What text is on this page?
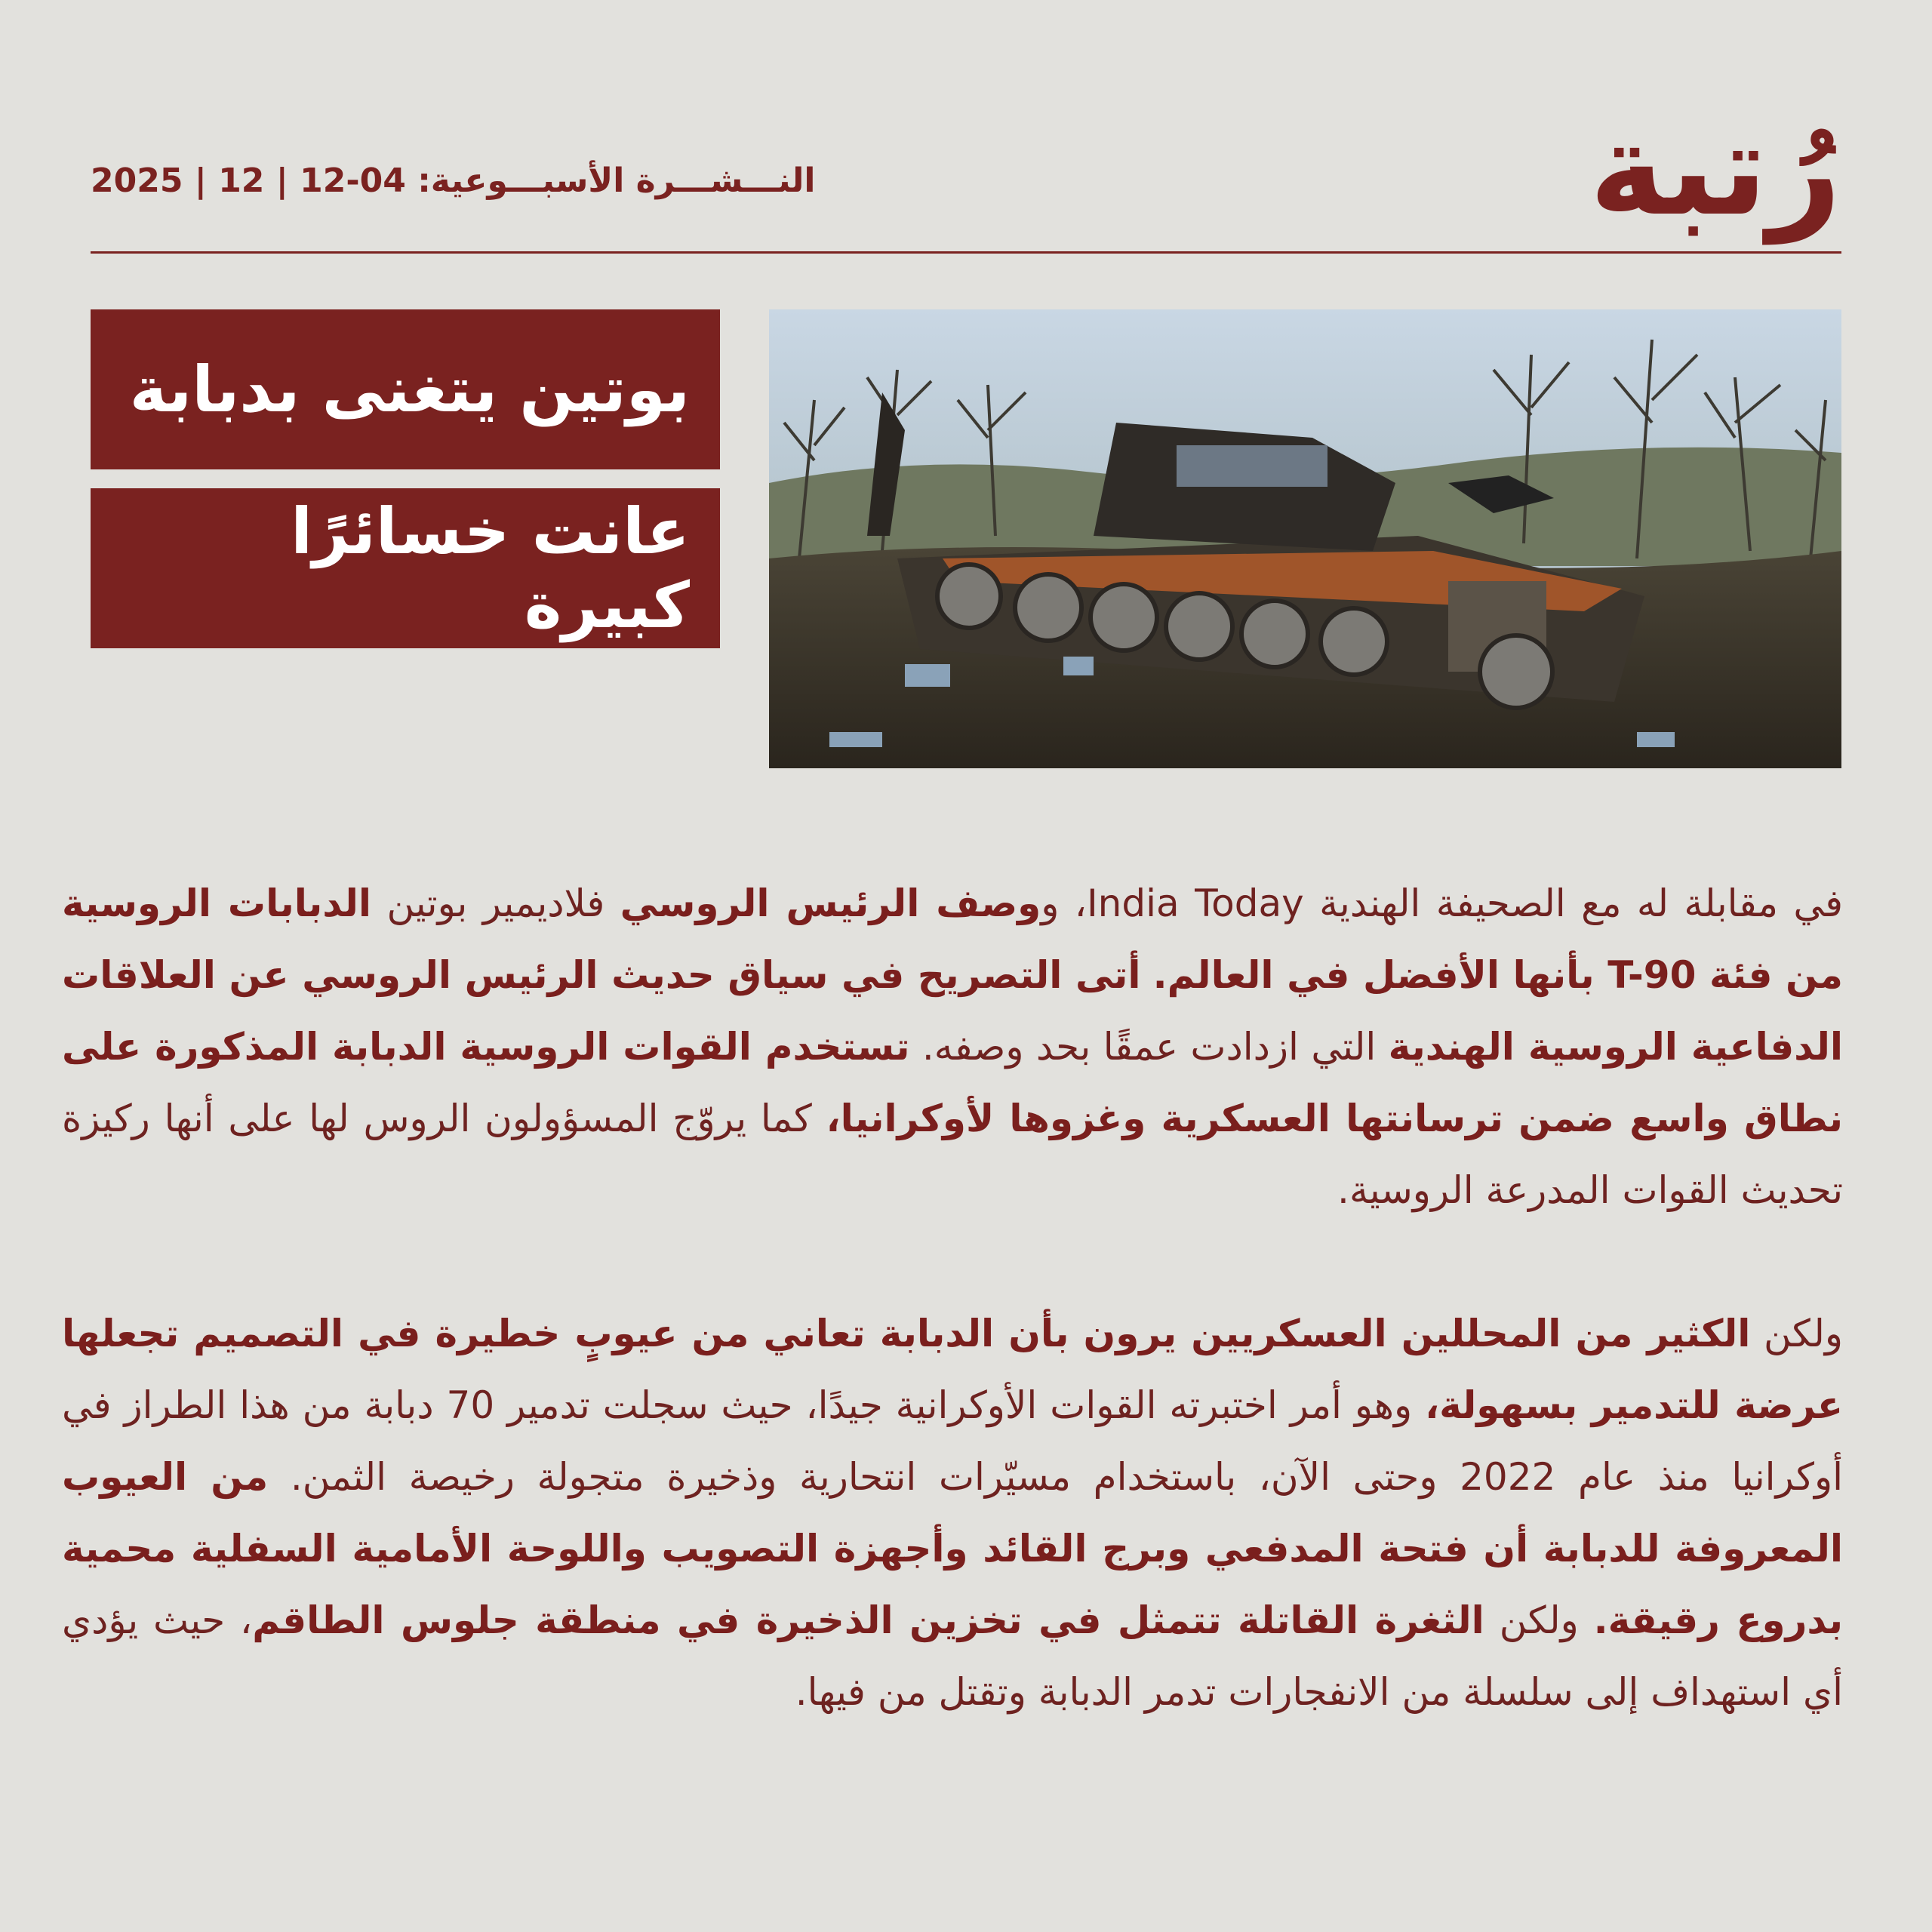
رُتبة
النـــشـــرة الأسبـــوعية: 04-12 | 12 | 2025
بوتين يتغنى بدبابة
عانت خسائرًا كبيرة

في مقابلة له مع الصحيفة الهندية India Today، ووصف الرئيس الروسي فلاديمير بوتين الدبابات الروسية من فئة T-90 بأنها الأفضل في العالم. أتى التصريح في سياق حديث الرئيس الروسي عن العلاقات الدفاعية الروسية الهندية التي ازدادت عمقًا بحد وصفه. تستخدم القوات الروسية الدبابة المذكورة على نطاق واسع ضمن ترسانتها العسكرية وغزوها لأوكرانيا، كما يروّج المسؤولون الروس لها على أنها ركيزة تحديث القوات المدرعة الروسية.

ولكن الكثير من المحللين العسكريين يرون بأن الدبابة تعاني من عيوبٍ خطيرة في التصميم تجعلها عرضة للتدمير بسهولة، وهو أمر اختبرته القوات الأوكرانية جيدًا، حيث سجلت تدمير 70 دبابة من هذا الطراز في أوكرانيا منذ عام 2022 وحتى الآن، باستخدام مسيّرات انتحارية وذخيرة متجولة رخيصة الثمن. من العيوب المعروفة للدبابة أن فتحة المدفعي وبرج القائد وأجهزة التصويب واللوحة الأمامية السفلية محمية بدروع رقيقة. ولكن الثغرة القاتلة تتمثل في تخزين الذخيرة في منطقة جلوس الطاقم، حيث يؤدي أي استهداف إلى سلسلة من الانفجارات تدمر الدبابة وتقتل من فيها.
